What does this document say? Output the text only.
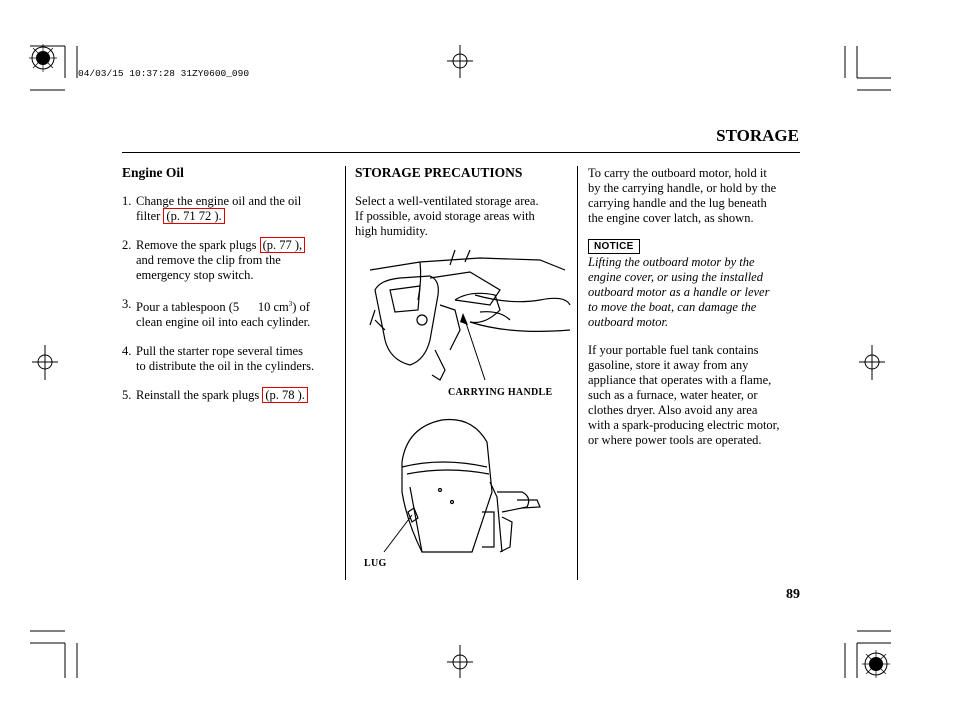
04/03/15 10:37:28 31ZY0600_090
STORAGE
Engine Oil
1. Change the engine oil and the oil
filter (p. 71 72 ).
2. Remove the spark plugs (p. 77 ),
and remove the clip from the
emergency stop switch.
3. Pour a tablespoon (5      10 $cm^3$) of
clean engine oil into each cylinder.
4. Pull the starter rope several times
to distribute the oil in the cylinders.
5. Reinstall the spark plugs (p. 78 ).
STORAGE PRECAUTIONS
Select a well-ventilated storage area.
If possible, avoid storage areas with
high humidity.
CARRYING HANDLE
LUG
To carry the outboard motor, hold it
by the carrying handle, or hold by the
carrying handle and the lug beneath
the engine cover latch, as shown.
NOTICE
Lifting the outboard motor by the
engine cover, or using the installed
outboard motor as a handle or lever
to move the boat, can damage the
outboard motor.
If your portable fuel tank contains
gasoline, store it away from any
appliance that operates with a flame,
such as a furnace, water heater, or
clothes dryer. Also avoid any area
with a spark-producing electric motor,
or where power tools are operated.
89
